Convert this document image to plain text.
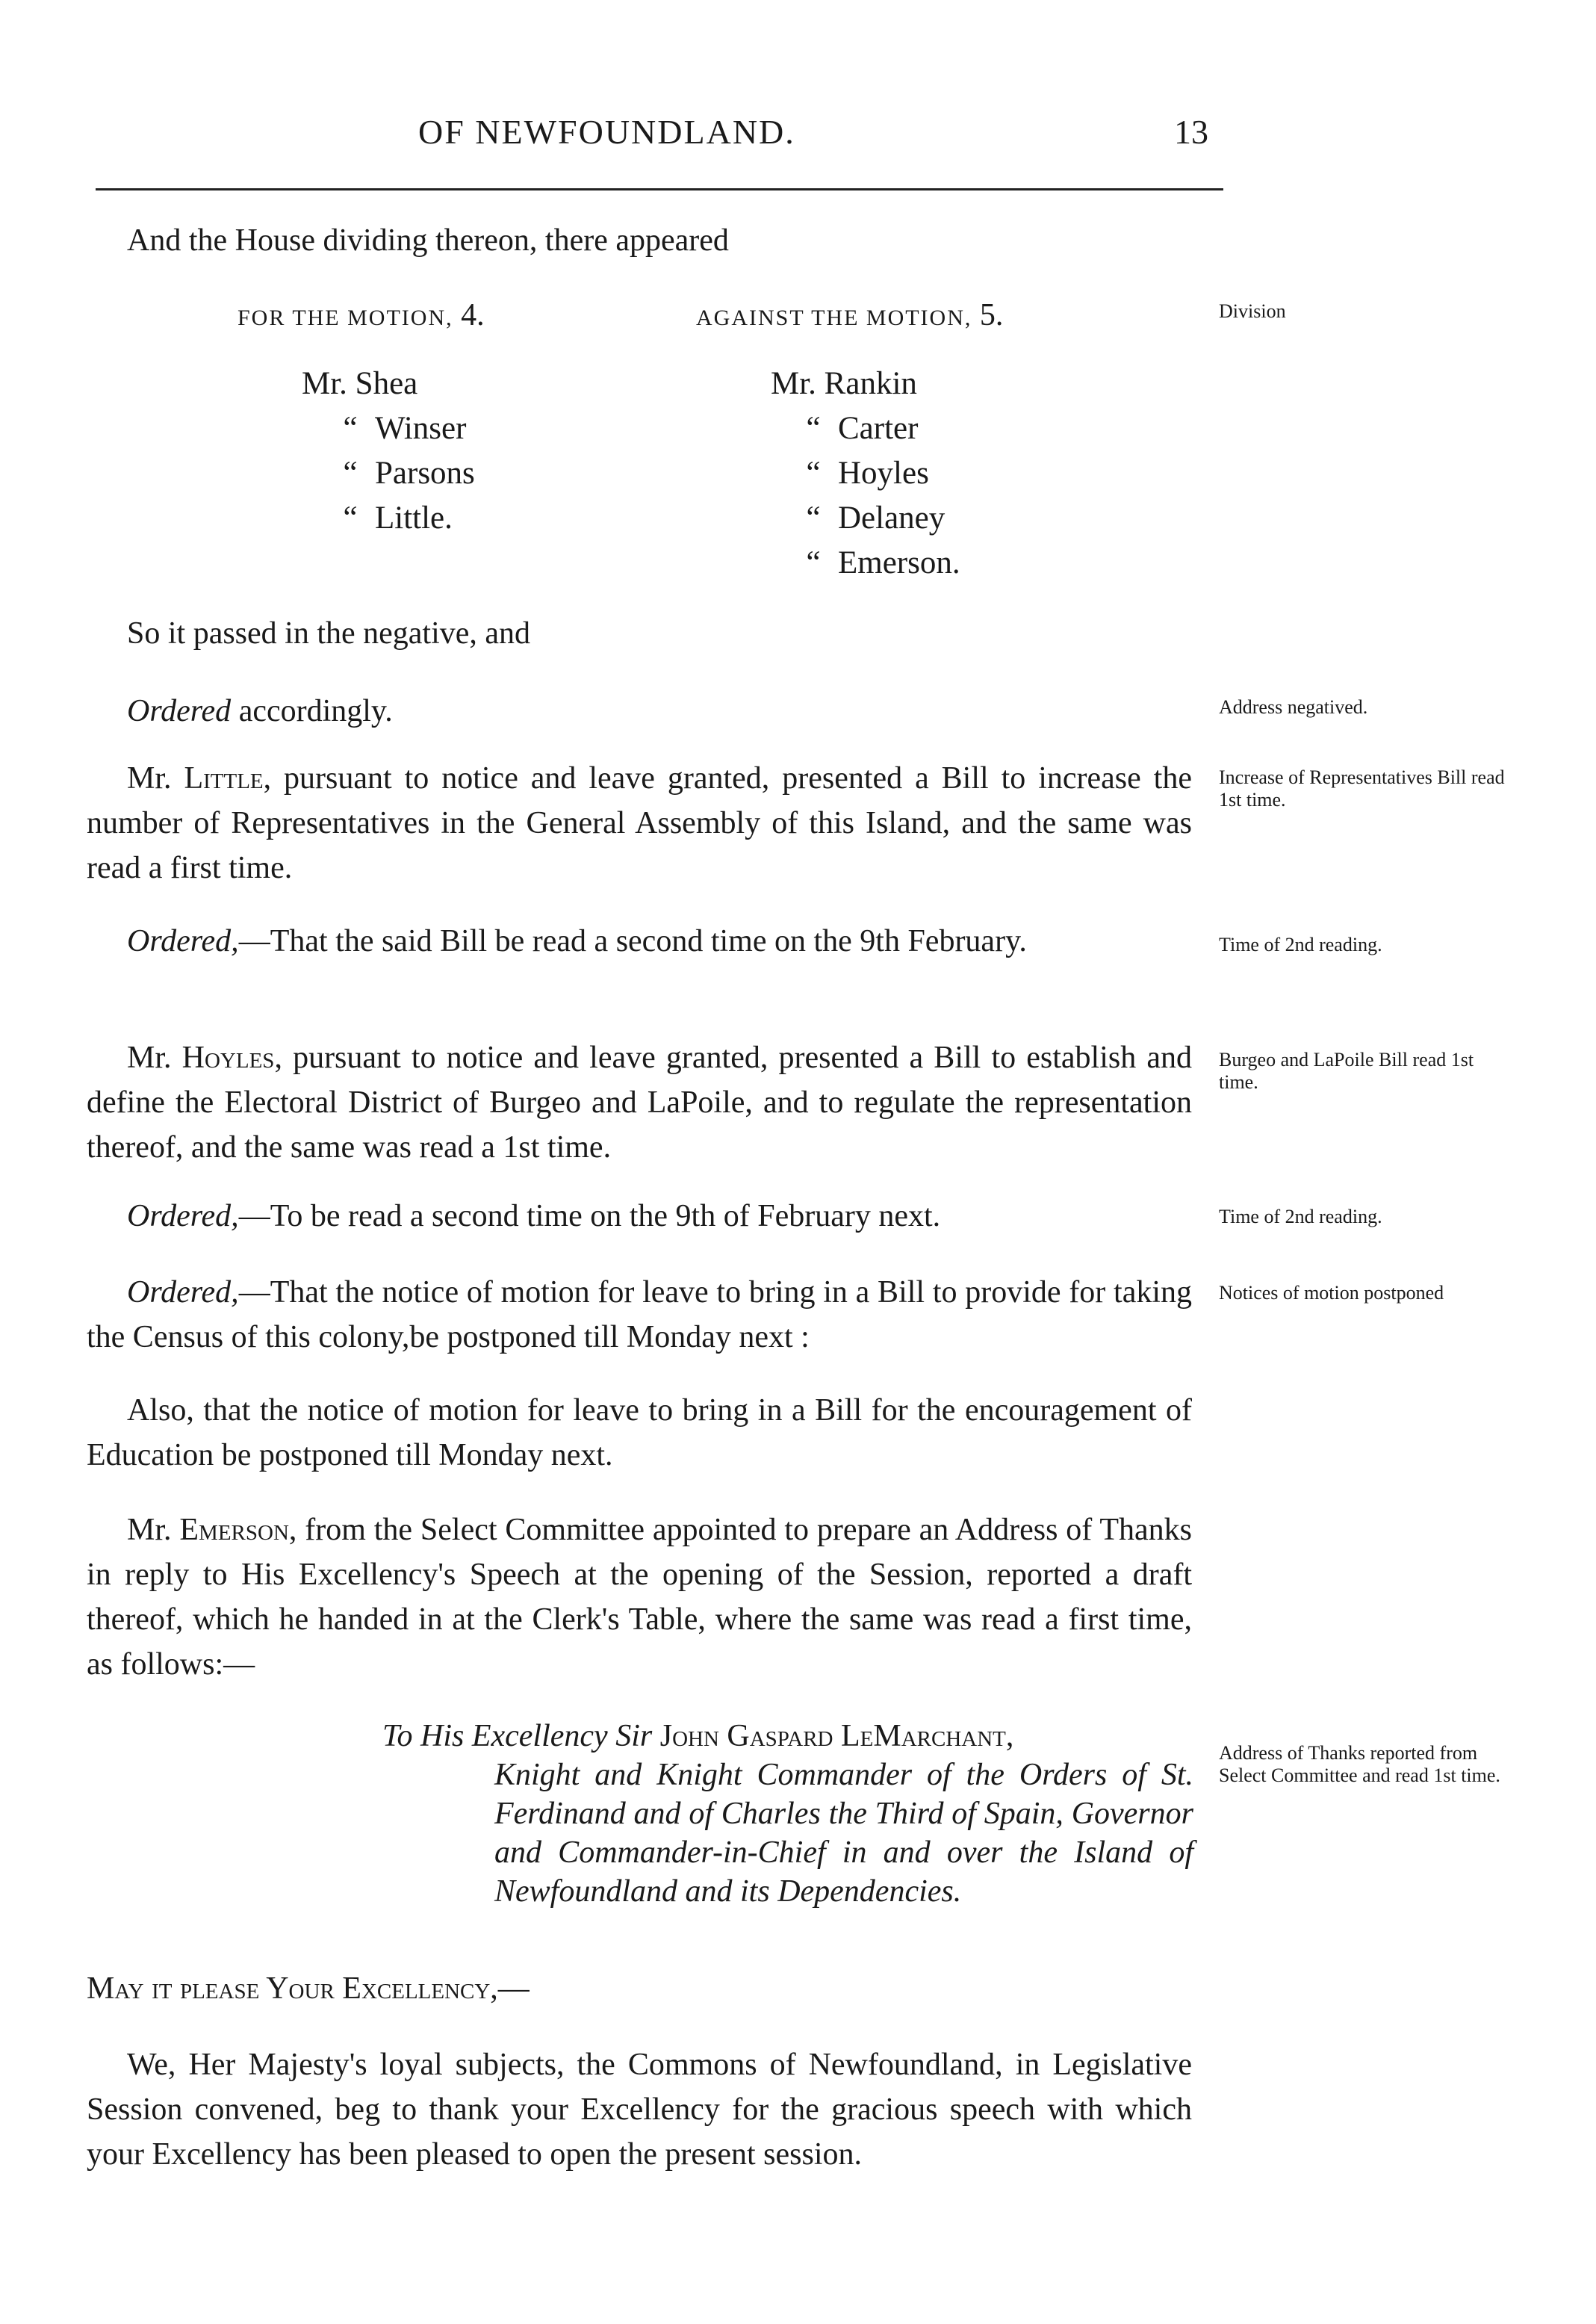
OF NEWFOUNDLAND.	13
And the House dividing thereon, there appeared
FOR THE MOTION, 4.	AGAINST THE MOTION, 5.
Mr. Shea
“ Winser
“ Parsons
“ Little.
Mr. Rankin
“ Carter
“ Hoyles
“ Delaney
“ Emerson.
So it passed in the negative, and
Ordered accordingly.
Mr. Little, pursuant to notice and leave granted, presented a Bill to increase the number of Representatives in the General Assembly of this Island, and the same was read a first time.
Ordered,—That the said Bill be read a second time on the 9th February.
Mr. Hoyles, pursuant to notice and leave granted, presented a Bill to establish and define the Electoral District of Burgeo and LaPoile, and to regulate the representation thereof, and the same was read a 1st time.
Ordered,—To be read a second time on the 9th of February next.
Ordered,—That the notice of motion for leave to bring in a Bill to provide for taking the Census of this colony,be postponed till Monday next :
Also, that the notice of motion for leave to bring in a Bill for the encouragement of Education be postponed till Monday next.
Mr. Emerson, from the Select Committee appointed to prepare an Address of Thanks in reply to His Excellency's Speech at the opening of the Session, reported a draft thereof, which he handed in at the Clerk's Table, where the same was read a first time, as follows:—
To His Excellency Sir John Gaspard LeMarchant,
Knight and Knight Commander of the Orders of St. Ferdinand and of Charles the Third of Spain, Governor and Commander-in-Chief in and over the Island of Newfoundland and its Dependencies.
May it please Your Excellency,—
We, Her Majesty's loyal subjects, the Commons of Newfoundland, in Legislative Session convened, beg to thank your Excellency for the gracious speech with which your Excellency has been pleased to open the present session.
Division
Address negatived.
Increase of Representatives Bill read 1st time.
Time of 2nd reading.
Burgeo and LaPoile Bill read 1st time.
Time of 2nd reading.
Notices of motion postponed
Address of Thanks reported from Select Committee and read 1st time.
